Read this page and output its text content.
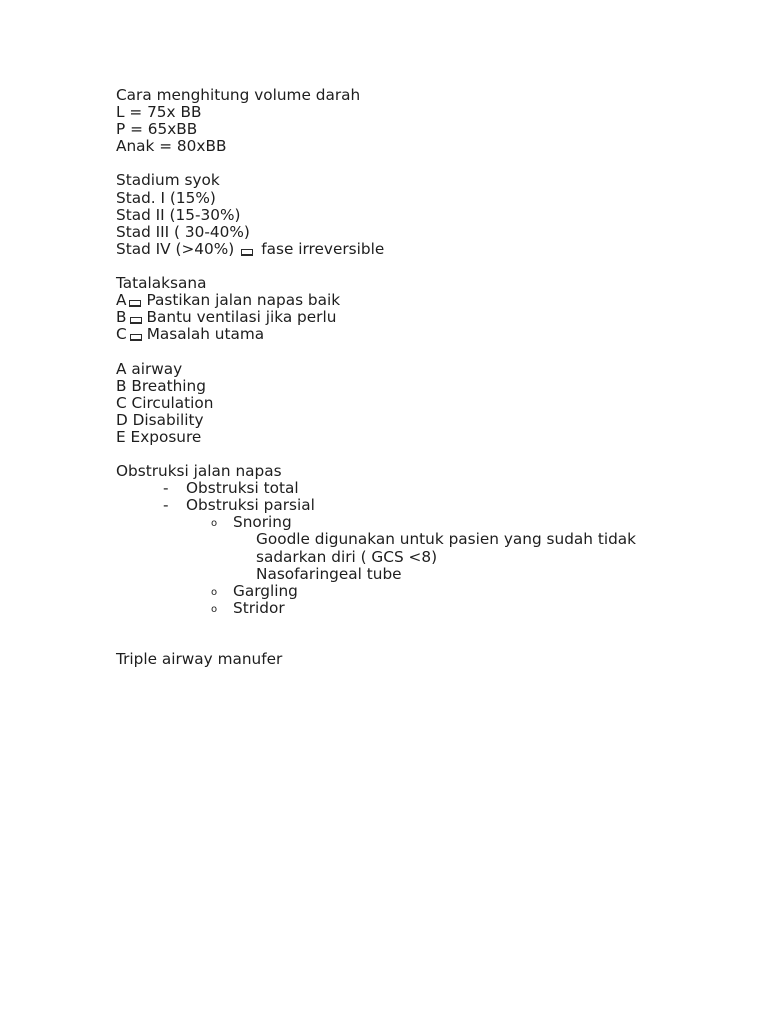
Cara menghitung volume darah
L = 75x BB
P = 65xBB
Anak = 80xBB
Stadium syok
Stad. I (15%)
Stad II (15-30%)
Stad III ( 30-40%)
Stad IV (>40%) fase irreversible
Tatalaksana
A Pastikan jalan napas baik
B Bantu ventilasi jika perlu
C Masalah utama
A airway
B Breathing
C Circulation
D Disability
E Exposure
Obstruksi jalan napas

-

Obstruksi total

-

Obstruksi parsial

o

Snoring

Goodle digunakan untuk pasien yang sudah tidak

sadarkan diri ( GCS <8)

Nasofaringeal tube

o

Gargling

o

Stridor

Triple airway manufer
